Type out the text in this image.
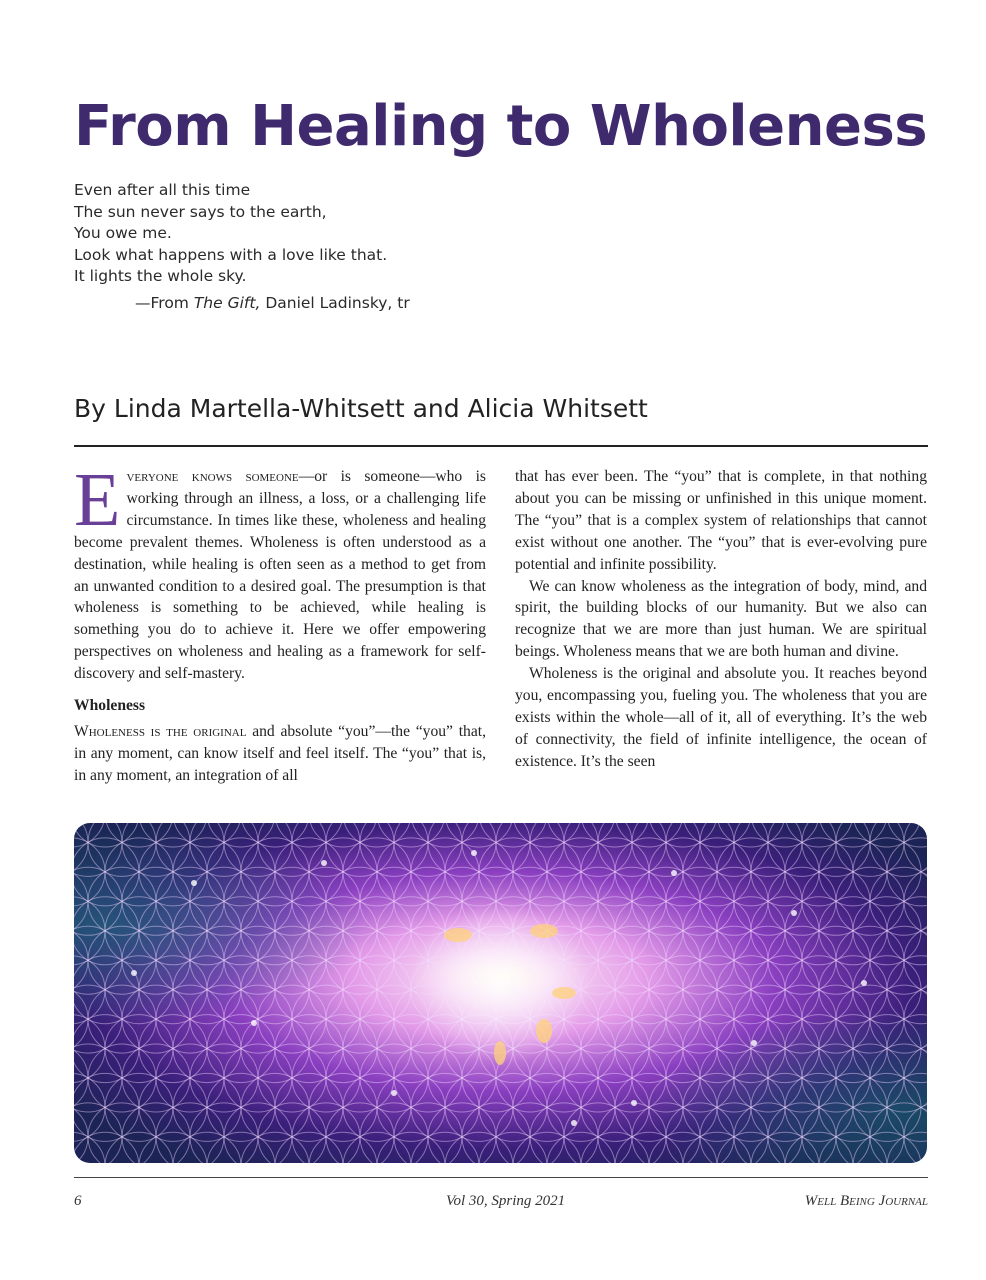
From Healing to Wholeness
Even after all this time
The sun never says to the earth,
You owe me.
Look what happens with a love like that.
It lights the whole sky.
—From The Gift, Daniel Ladinsky, tr
By Linda Martella-Whitsett and Alicia Whitsett

Everyone knows someone—or is someone—who is working through an illness, a loss, or a challenging life circumstance. In times like these, wholeness and healing become prevalent themes. Wholeness is often understood as a destination, while healing is often seen as a method to get from an unwanted condition to a desired goal. The presumption is that wholeness is something to be achieved, while healing is something you do to achieve it. Here we offer empowering perspectives on wholeness and healing as a framework for self-discovery and self-mastery.

Wholeness

Wholeness is the original and absolute “you”—the “you” that, in any moment, can know itself and feel itself. The “you” that is, in any moment, an integration of all

that has ever been. The “you” that is complete, in that nothing about you can be missing or unfinished in this unique moment. The “you” that is a complex system of relationships that cannot exist without one another. The “you” that is ever-evolving pure potential and infinite possibility.

We can know wholeness as the integration of body, mind, and spirit, the building blocks of our humanity. But we also can recognize that we are more than just human. We are spiritual beings. Wholeness means that we are both human and divine.

Wholeness is the original and absolute you. It reaches beyond you, encompassing you, fueling you. The wholeness that you are exists within the whole—all of it, all of everything. It’s the web of connectivity, the field of infinite intelligence, the ocean of existence. It’s the seen

6	Vol 30, Spring 2021	Well Being Journal
